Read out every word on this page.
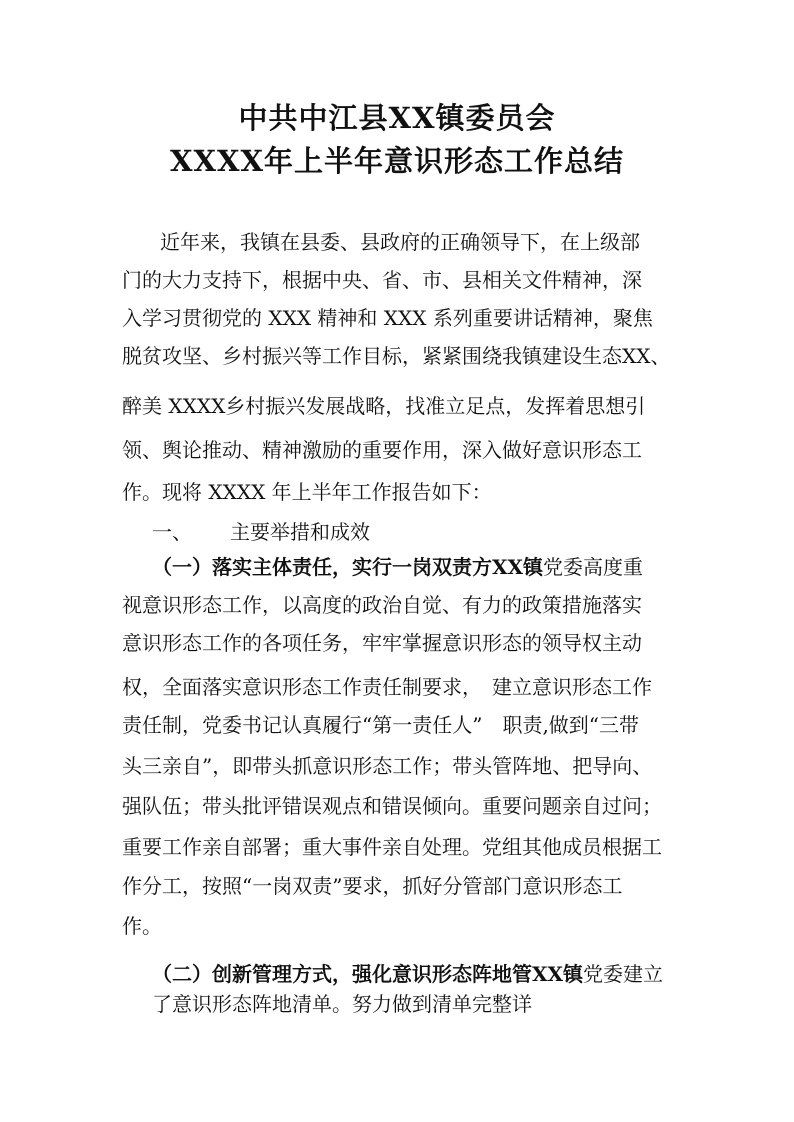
中共中江县XX镇委员会
XXXX年上半年意识形态工作总结

　近年来，我镇在县委、县政府的正确领导下，在上级部

门的大力支持下，根据中央、省、市、县相关文件精神，深

入学习贯彻党的 XXX 精神和 XXX 系列重要讲话精神，聚焦

脱贫攻坚、乡村振兴等工作目标，紧紧围绕我镇建设生态XX、

醉美 XXXX乡村振兴发展战略，找准立足点，发挥着思想引

领、舆论推动、精神激励的重要作用，深入做好意识形态工

作。现将 XXXX 年上半年工作报告如下：

一、 主要举措和成效

（一）落实主体责任，实行一岗双责方XX镇党委高度重

视意识形态工作，以高度的政治自觉、有力的政策措施落实

意识形态工作的各项任务，牢牢掌握意识形态的领导权主动

权，全面落实意识形态工作责任制要求，　建立意识形态工作

责任制，党委书记认真履行“第一责任人”　职责,做到“三带

头三亲自”，即带头抓意识形态工作；带头管阵地、把导向、

强队伍；带头批评错误观点和错误倾向。重要问题亲自过问；

重要工作亲自部署；重大事件亲自处理。党组其他成员根据工

作分工，按照“一岗双责”要求，抓好分管部门意识形态工

作。

（二）创新管理方式，强化意识形态阵地管XX镇党委建立

了意识形态阵地清单。努力做到清单完整详
